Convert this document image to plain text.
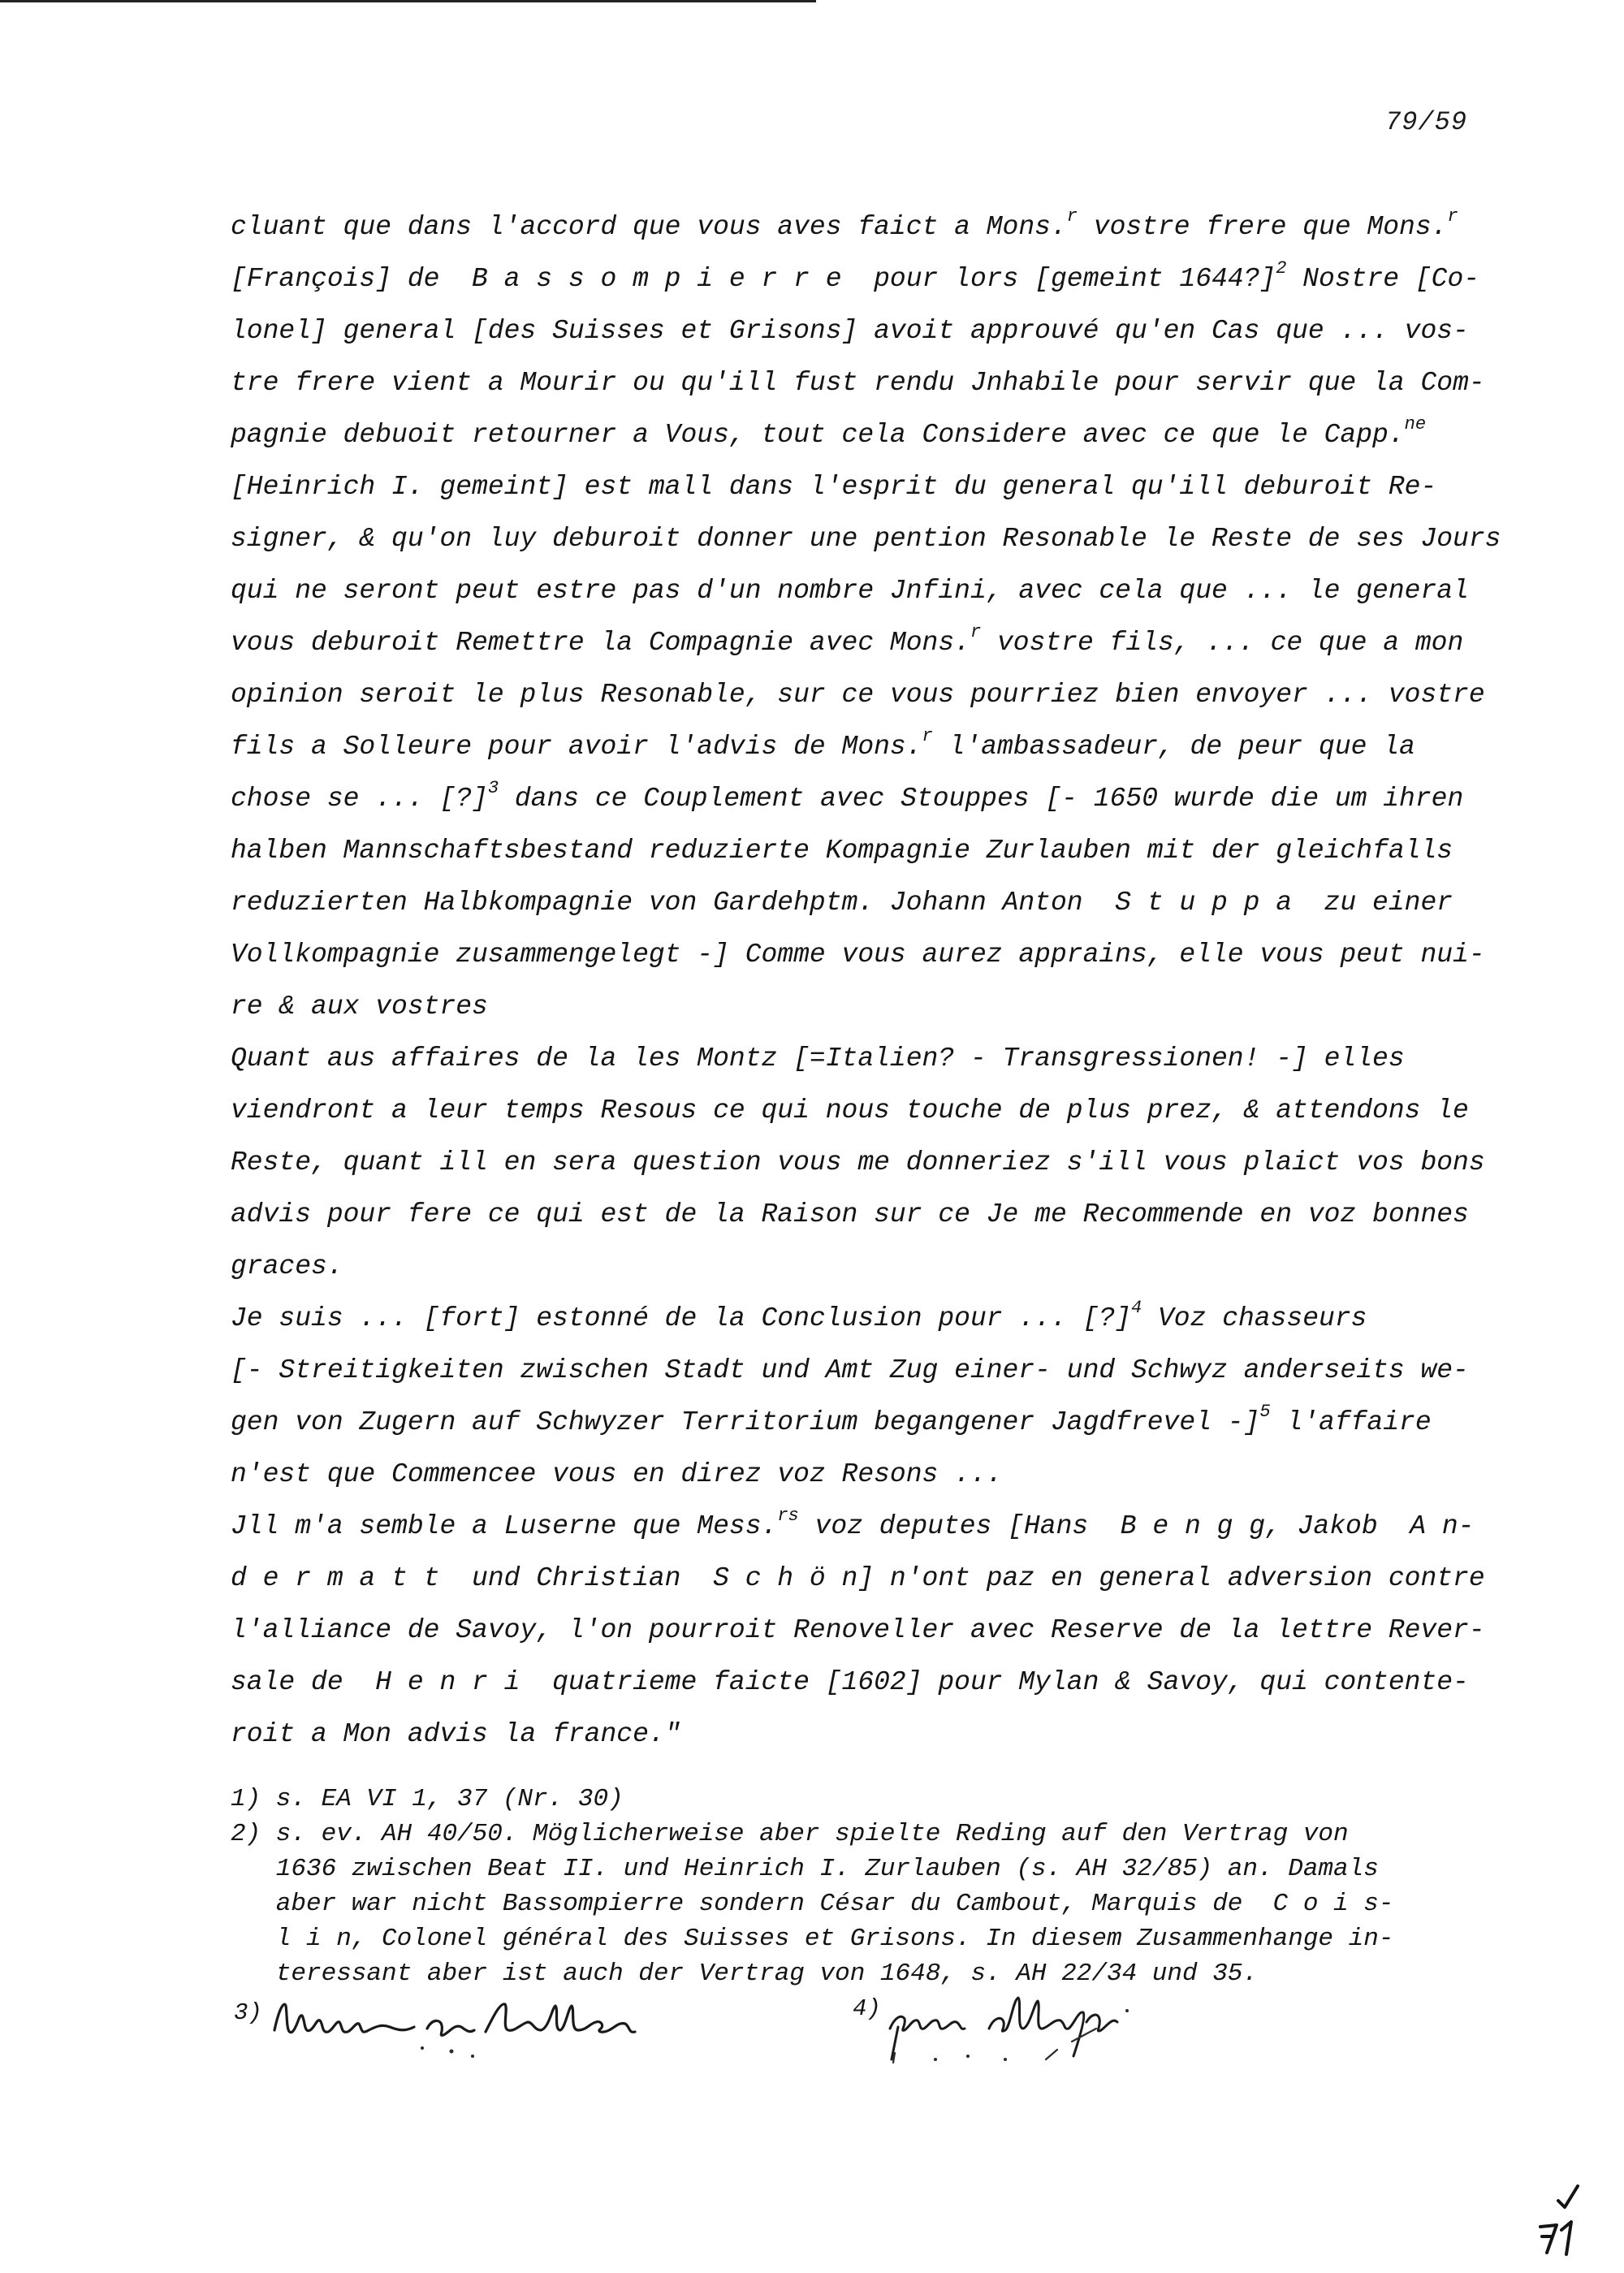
79/59
cluant que dans l'accord que vous aves faict a Mons.$^r$ vostre frere que Mons.$^r$
[François] de  B a s s o m p i e r r e  pour lors [gemeint 1644?]$^2$ Nostre [Co-
lonel] general [des Suisses et Grisons] avoit approuvé qu'en Cas que ... vos-
tre frere vient a Mourir ou qu'ill fust rendu Jnhabile pour servir que la Com-
pagnie debuoit retourner a Vous, tout cela Considere avec ce que le Capp.$^{ne}$
[Heinrich I. gemeint] est mall dans l'esprit du general qu'ill deburoit Re-
signer, & qu'on luy deburoit donner une pention Resonable le Reste de ses Jours
qui ne seront peut estre pas d'un nombre Jnfini, avec cela que ... le general
vous deburoit Remettre la Compagnie avec Mons.$^r$ vostre fils, ... ce que a mon
opinion seroit le plus Resonable, sur ce vous pourriez bien envoyer ... vostre
fils a Solleure pour avoir l'advis de Mons.$^r$ l'ambassadeur, de peur que la
chose se ... [?]$^3$ dans ce Couplement avec Stouppes [- 1650 wurde die um ihren
halben Mannschaftsbestand reduzierte Kompagnie Zurlauben mit der gleichfalls
reduzierten Halbkompagnie von Gardehptm. Johann Anton  S t u p p a  zu einer
Vollkompagnie zusammengelegt -] Comme vous aurez apprains, elle vous peut nui-
re & aux vostres
Quant aus affaires de la les Montz [=Italien? - Transgressionen! -] elles
viendront a leur temps Resous ce qui nous touche de plus prez, & attendons le
Reste, quant ill en sera question vous me donneriez s'ill vous plaict vos bons
advis pour fere ce qui est de la Raison sur ce Je me Recommende en voz bonnes
graces.
Je suis ... [fort] estonné de la Conclusion pour ... [?]$^4$ Voz chasseurs
[- Streitigkeiten zwischen Stadt und Amt Zug einer- und Schwyz anderseits we-
gen von Zugern auf Schwyzer Territorium begangener Jagdfrevel -]$^5$ l'affaire
n'est que Commencee vous en direz voz Resons ...
Jll m'a semble a Luserne que Mess.$^{rs}$ voz deputes [Hans  B e n g g, Jakob  A n-
d e r m a t t  und Christian  S c h ö n] n'ont paz en general adversion contre
l'alliance de Savoy, l'on pourroit Renoveller avec Reserve de la lettre Rever-
sale de  H e n r i  quatrieme faicte [1602] pour Mylan & Savoy, qui contente-
roit a Mon advis la france."
1) s. EA VI 1, 37 (Nr. 30)
2) s. ev. AH 40/50. Möglicherweise aber spielte Reding auf den Vertrag von
1636 zwischen Beat II. und Heinrich I. Zurlauben (s. AH 32/85) an. Damals
aber war nicht Bassompierre sondern César du Cambout, Marquis de  C o i s-
l i n, Colonel général des Suisses et Grisons. In diesem Zusammenhange in-
teressant aber ist auch der Vertrag von 1648, s. AH 22/34 und 35.
3)	4)
